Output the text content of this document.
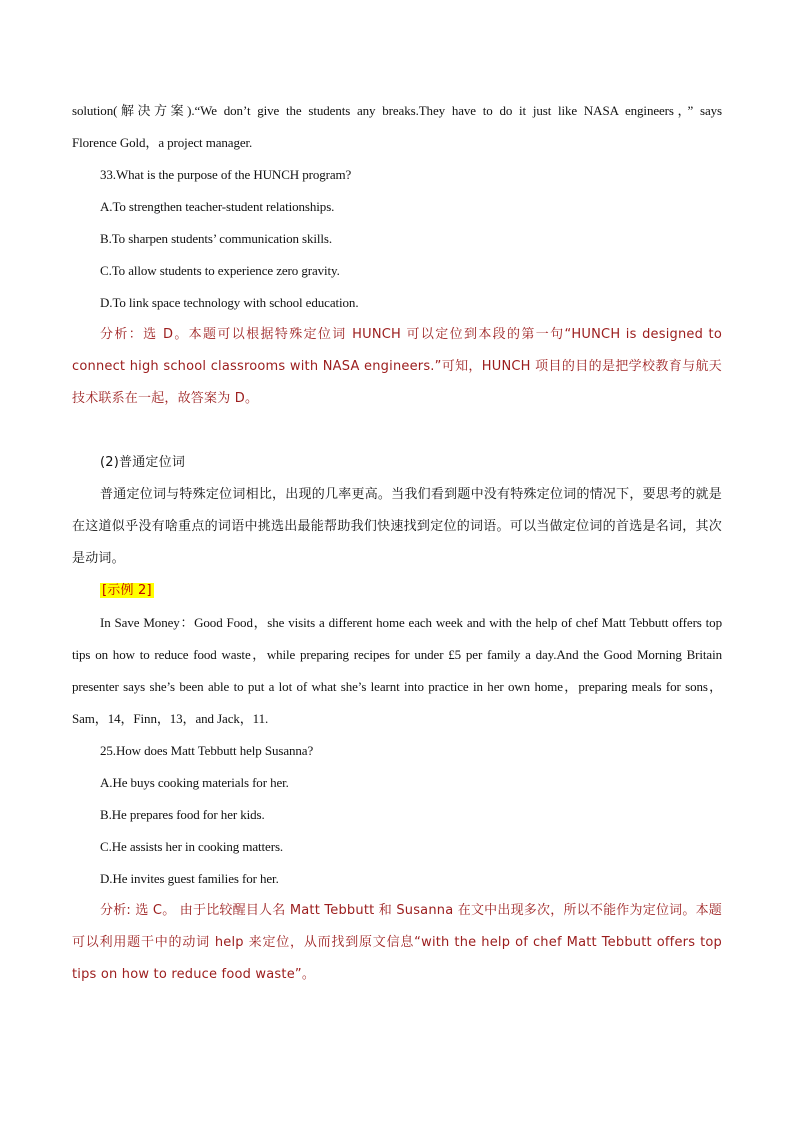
solution(解决方案).“We don’t give the students any breaks.They have to do it just like NASA engineers，” says

Florence Gold，a project manager.

33.What is the purpose of the HUNCH program?

A.To strengthen teacher-student relationships.

B.To sharpen students’ communication skills.

C.To allow students to experience zero gravity.

D.To link space technology with school education.

分析：选 D。本题可以根据特殊定位词 HUNCH 可以定位到本段的第一句“HUNCH is designed to connect high school classrooms with NASA engineers.”可知，HUNCH 项目的目的是把学校教育与航天技术联系在一起，故答案为 D。

(2)普通定位词

普通定位词与特殊定位词相比，出现的几率更高。当我们看到题中没有特殊定位词的情况下，要思考的就是在这道似乎没有啥重点的词语中挑选出最能帮助我们快速找到定位的词语。可以当做定位词的首选是名词，其次是动词。

[示例 2]

In Save Money：Good Food，she visits a different home each week and with the help of chef Matt Tebbutt offers top tips on how to reduce food waste，while preparing recipes for under £5 per family a day.And the Good Morning Britain presenter says she’s been able to put a lot of what she’s learnt into practice in her own home，preparing meals for sons，Sam，14，Finn，13，and Jack，11.

25.How does Matt Tebbutt help Susanna?

A.He buys cooking materials for her.

B.He prepares food for her kids.

C.He assists her in cooking matters.

D.He invites guest families for her.

分析: 选 C。 由于比较醒目人名 Matt Tebbutt 和 Susanna 在文中出现多次，所以不能作为定位词。本题可以利用题干中的动词 help 来定位，从而找到原文信息“with the help of chef Matt Tebbutt offers top tips on how to reduce food waste”。
